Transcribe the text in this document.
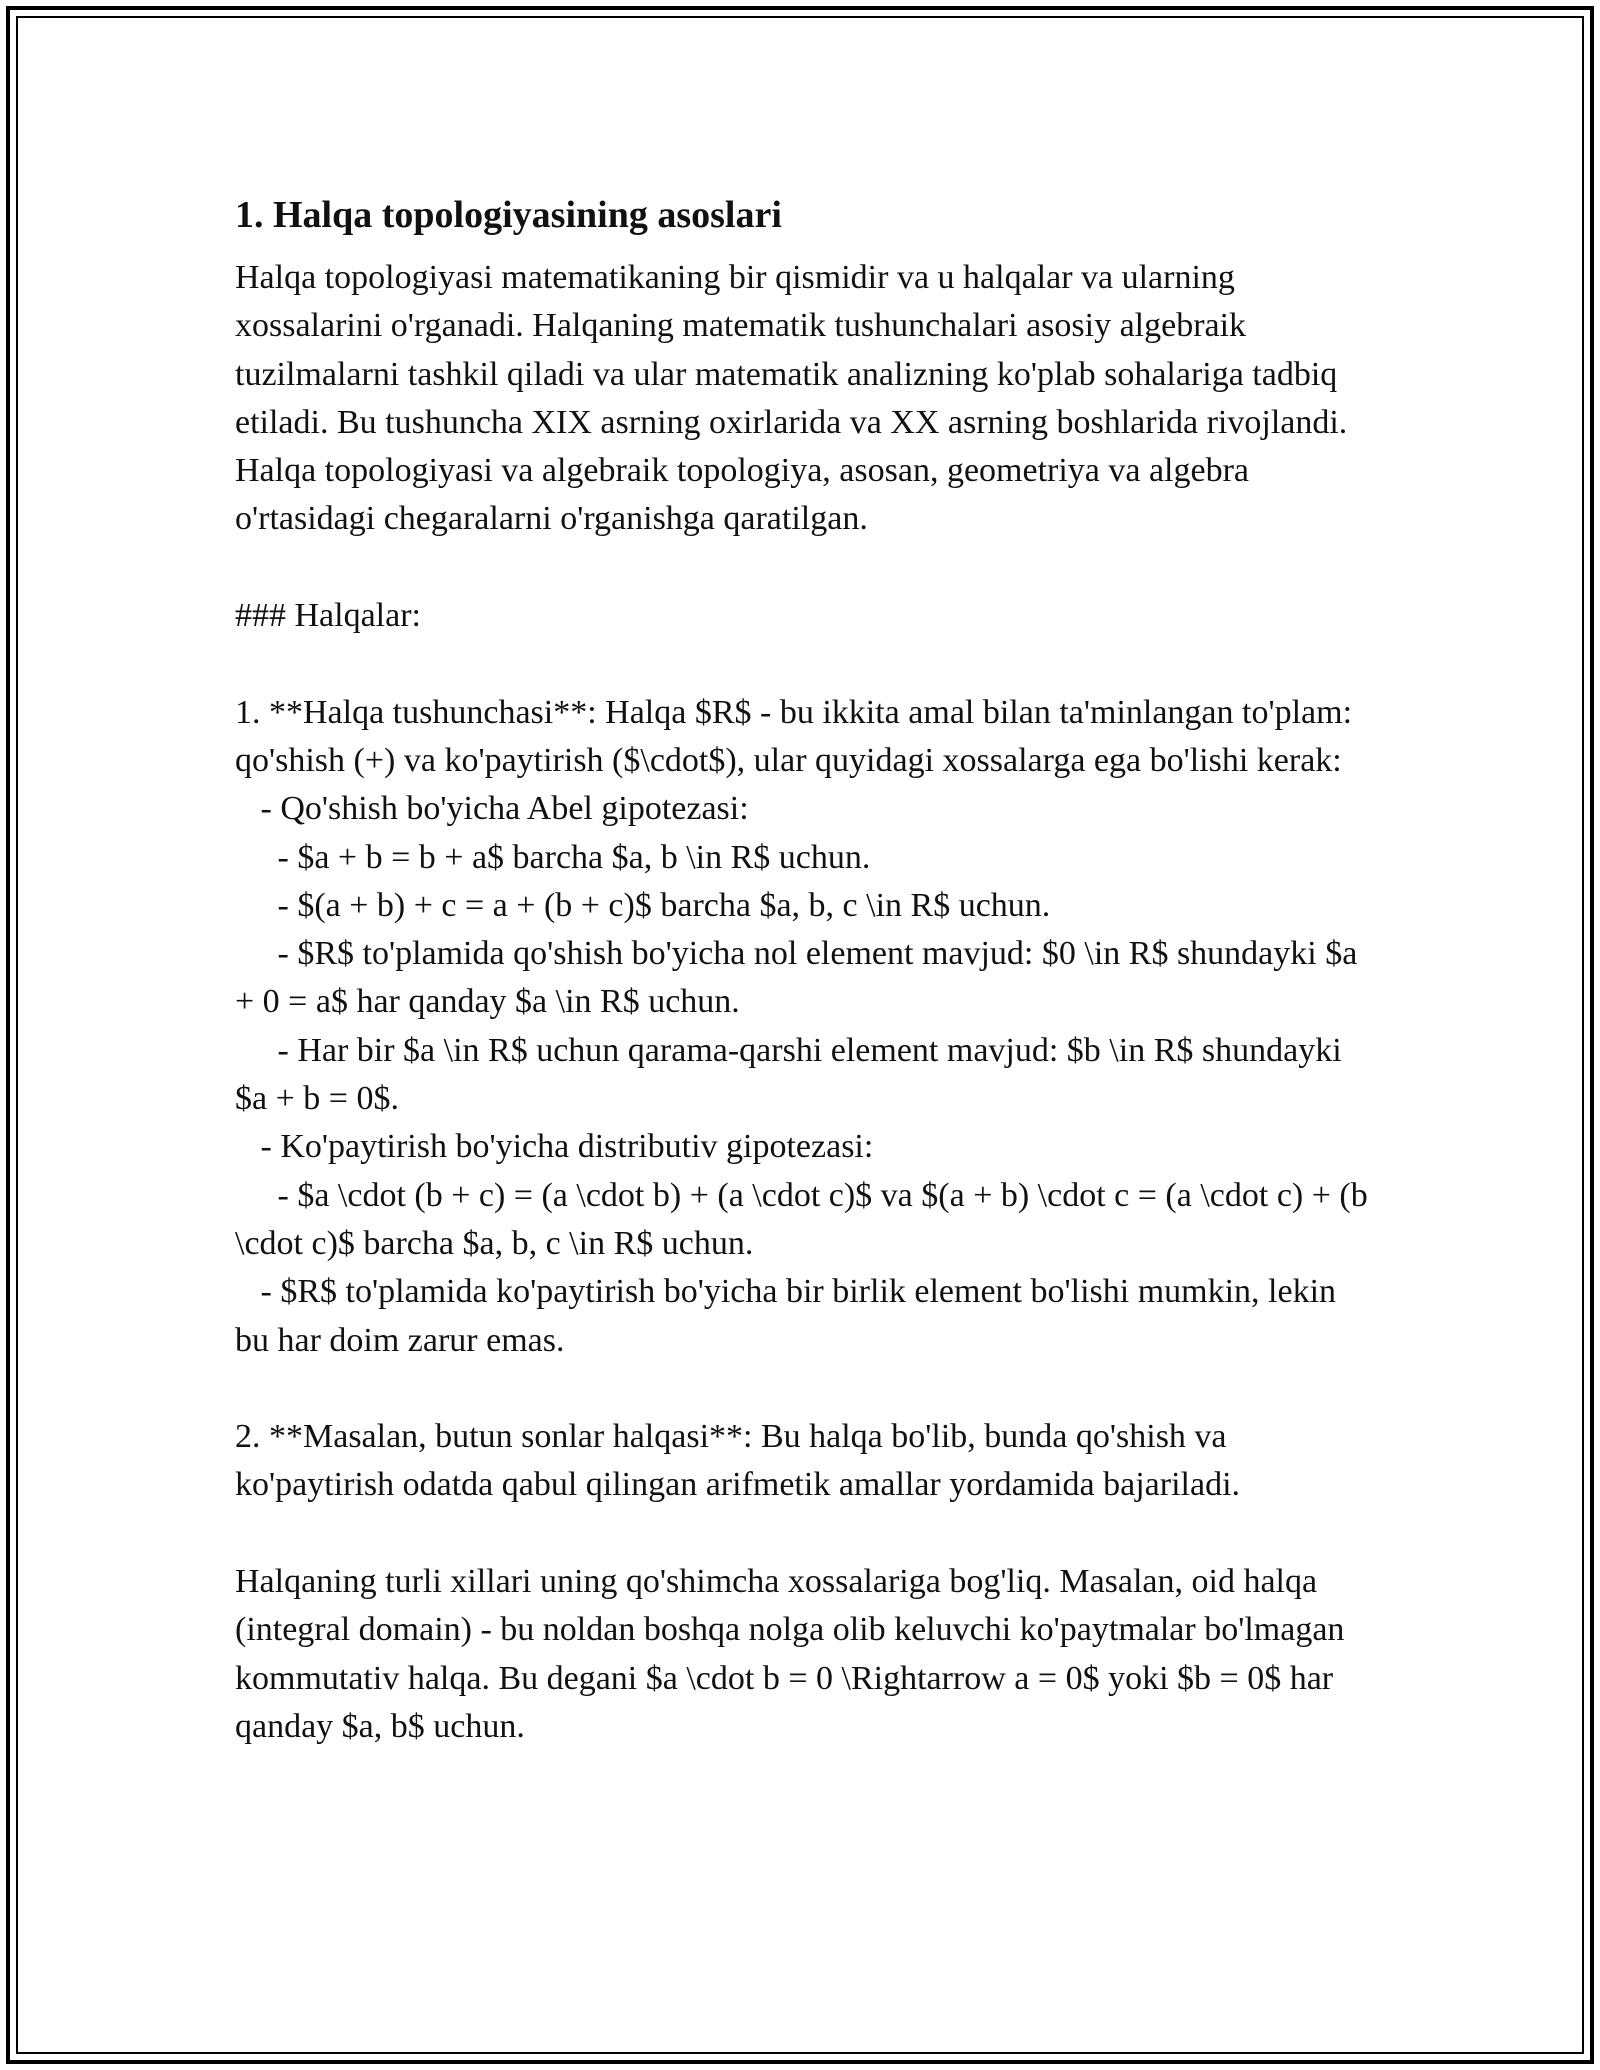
1. Halqa topologiyasining asoslari
Halqa topologiyasi matematikaning bir qismidir va u halqalar va ularning xossalarini o'rganadi. Halqaning matematik tushunchalari asosiy algebraik tuzilmalarni tashkil qiladi va ular matematik analizning ko'plab sohalariga tadbiq etiladi. Bu tushuncha XIX asrning oxirlarida va XX asrning boshlarida rivojlandi. Halqa topologiyasi va algebraik topologiya, asosan, geometriya va algebra o'rtasidagi chegaralarni o'rganishga qaratilgan.
### Halqalar:
1. **Halqa tushunchasi**: Halqa $R$ - bu ikkita amal bilan ta'minlangan to'plam: qo'shish (+) va ko'paytirish ($\cdot$), ular quyidagi xossalarga ega bo'lishi kerak:
- Qo'shish bo'yicha Abel gipotezasi:
- $a + b = b + a$ barcha $a, b \in R$ uchun.
- $(a + b) + c = a + (b + c)$ barcha $a, b, c \in R$ uchun.
- $R$ to'plamida qo'shish bo'yicha nol element mavjud: $0 \in R$ shundayki $a + 0 = a$ har qanday $a \in R$ uchun.
- Har bir $a \in R$ uchun qarama-qarshi element mavjud: $b \in R$ shundayki $a + b = 0$.
- Ko'paytirish bo'yicha distributiv gipotezasi:
- $a \cdot (b + c) = (a \cdot b) + (a \cdot c)$ va $(a + b) \cdot c = (a \cdot c) + (b \cdot c)$ barcha $a, b, c \in R$ uchun.
- $R$ to'plamida ko'paytirish bo'yicha bir birlik element bo'lishi mumkin, lekin bu har doim zarur emas.
2. **Masalan, butun sonlar halqasi**: Bu halqa bo'lib, bunda qo'shish va ko'paytirish odatda qabul qilingan arifmetik amallar yordamida bajariladi.
Halqaning turli xillari uning qo'shimcha xossalariga bog'liq. Masalan, oid halqa (integral domain) - bu noldan boshqa nolga olib keluvchi ko'paytmalar bo'lmagan kommutativ halqa. Bu degani $a \cdot b = 0 \Rightarrow a = 0$ yoki $b = 0$ har qanday $a, b$ uchun.
